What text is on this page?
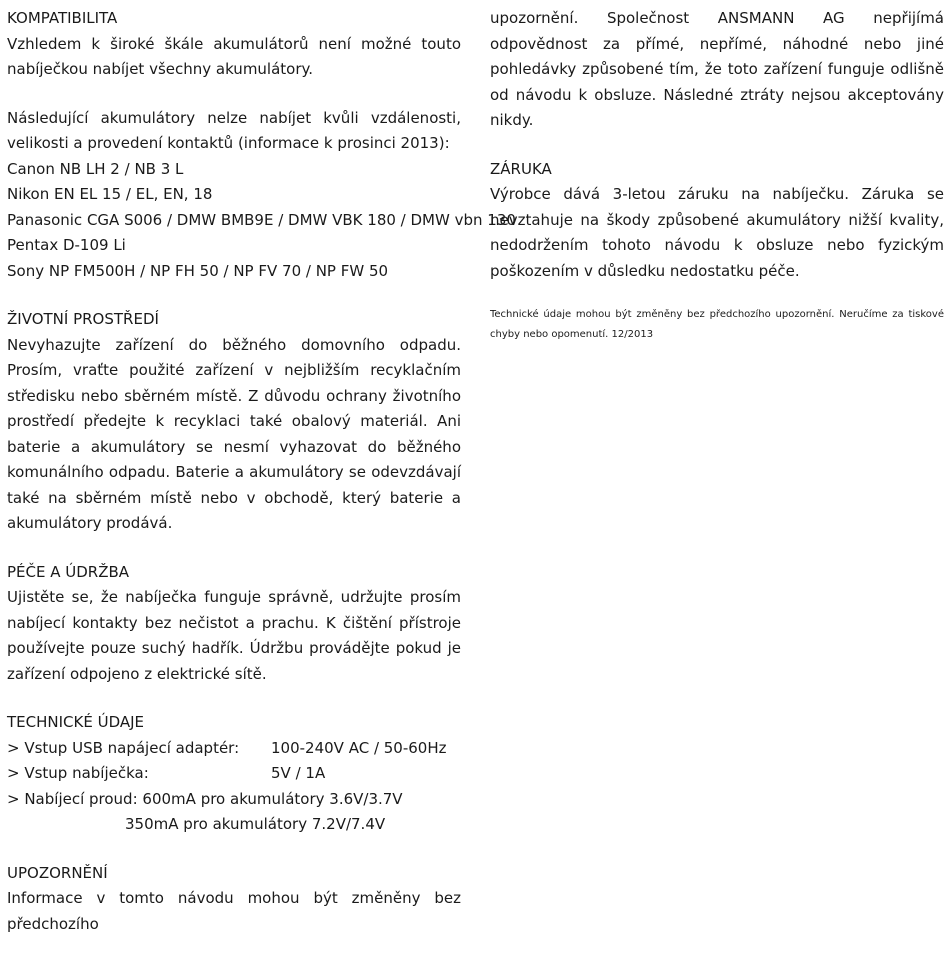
KOMPATIBILITA
Vzhledem k široké škále akumulátorů není možné touto nabíječkou nabíjet všechny akumulátory.
Následující akumulátory nelze nabíjet kvůli vzdálenosti, velikosti a provedení kontaktů (informace k prosinci 2013):
Canon NB LH 2 / NB 3 L
Nikon EN EL 15 / EL, EN, 18
Panasonic CGA S006 / DMW BMB9E / DMW VBK 180 / DMW vbn 130
Pentax D-109 Li
Sony NP FM500H / NP FH 50 / NP FV 70 / NP FW 50
ŽIVOTNÍ PROSTŘEDÍ
Nevyhazujte zařízení do běžného domovního odpadu. Prosím, vraťte použité zařízení v nejbližším recyklačním středisku nebo sběrném místě. Z důvodu ochrany životního prostředí předejte k recyklaci také obalový materiál. Ani baterie a akumulátory se nesmí vyhazovat do běžného komunálního odpadu. Baterie a akumulátory se odevzdávají také na sběrném místě nebo v obchodě, který baterie a akumulátory prodává.
PÉČE A ÚDRŽBA
Ujistěte se, že nabíječka funguje správně, udržujte prosím nabíjecí kontakty bez nečistot a prachu. K čištění přístroje používejte pouze suchý hadřík. Údržbu provádějte pokud je zařízení odpojeno z elektrické sítě.
TECHNICKÉ ÚDAJE
> Vstup USB napájecí adaptér: 100-240V AC / 50-60Hz
> Vstup nabíječka:	5V / 1A
> Nabíjecí proud: 600mA pro akumulátory 3.6V/3.7V
350mA pro akumulátory 7.2V/7.4V
UPOZORNĚNÍ
Informace v tomto návodu mohou být změněny bez předchozího
upozornění. Společnost ANSMANN AG nepřijímá odpovědnost za přímé, nepřímé, náhodné nebo jiné pohledávky způsobené tím, že toto zařízení funguje odlišně od návodu k obsluze. Následné ztráty nejsou akceptovány nikdy.
ZÁRUKA
Výrobce dává 3-letou záruku na nabíječku. Záruka se nevztahuje na škody způsobené akumulátory nižší kvality, nedodržením tohoto návodu k obsluze nebo fyzickým poškozením v důsledku nedostatku péče.
Technické údaje mohou být změněny bez předchozího upozornění. Neručíme za tiskové chyby nebo opomenutí. 12/2013
